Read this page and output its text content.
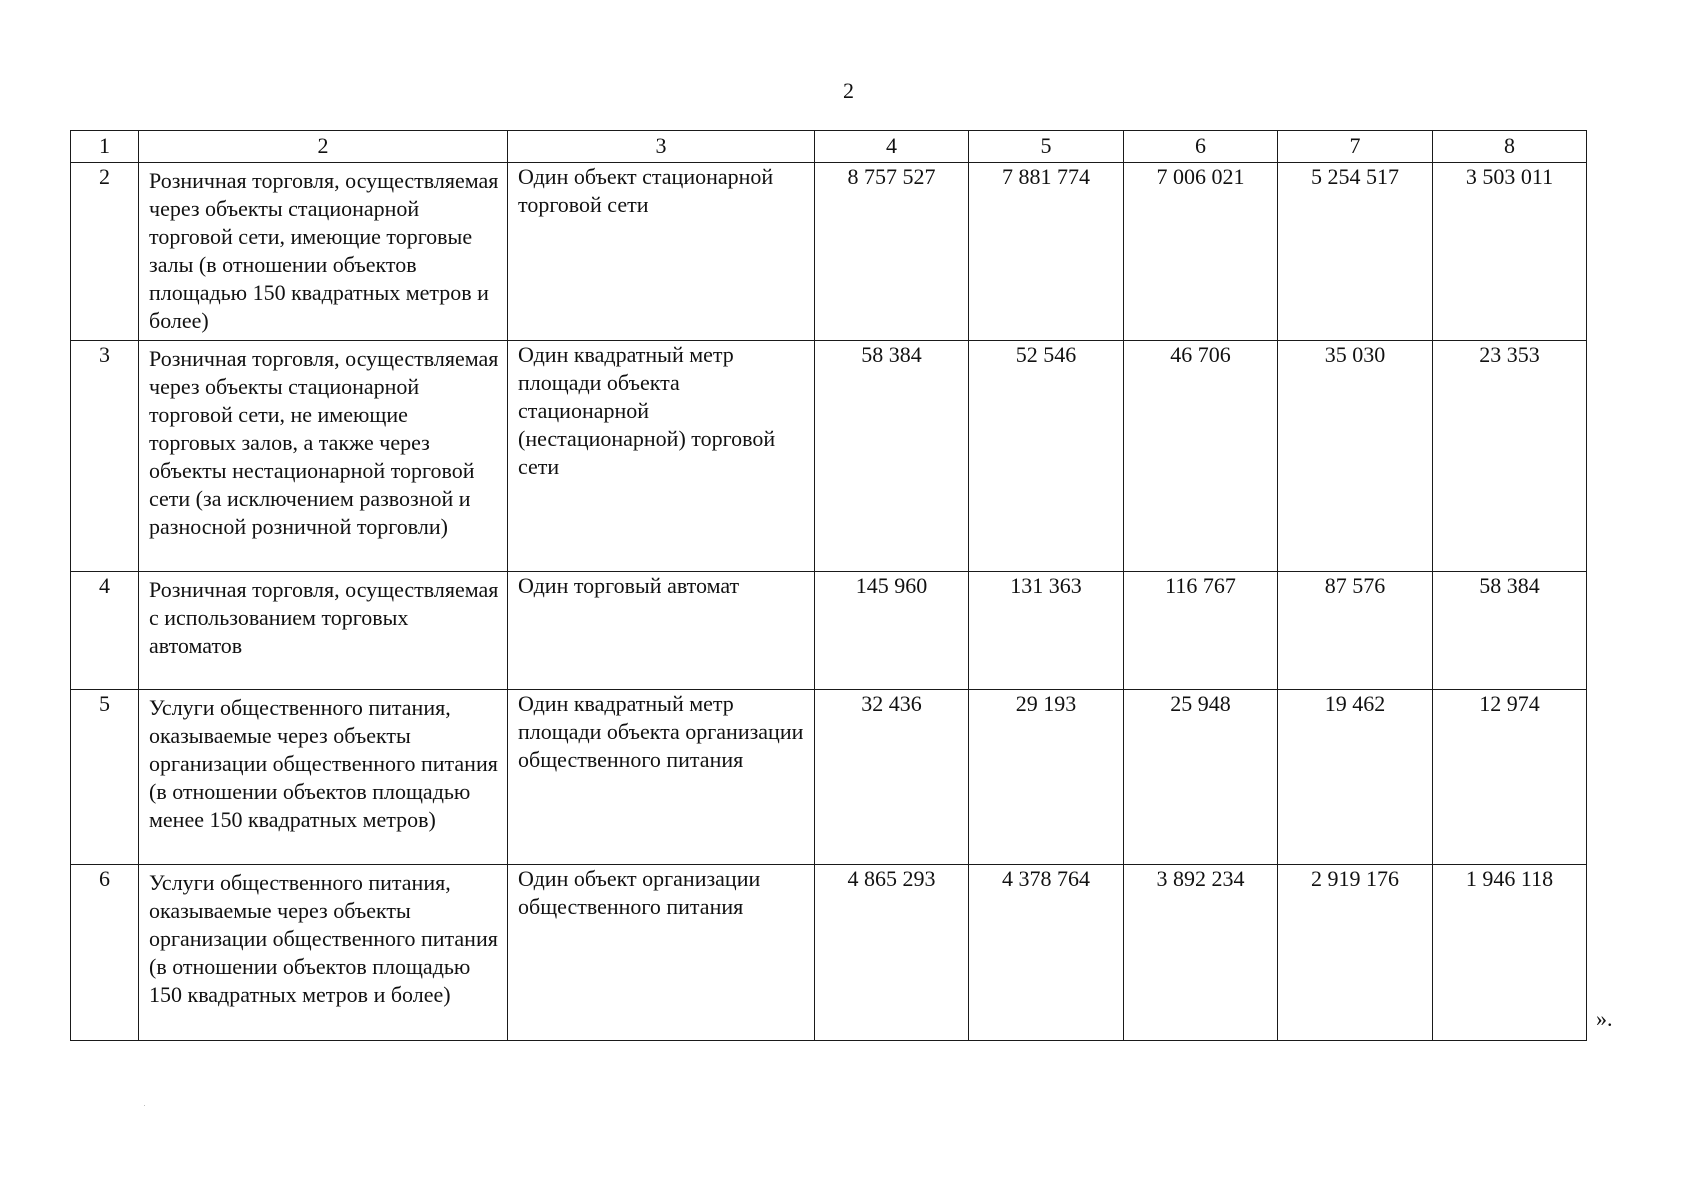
2
1	2	3	4	5	6	7	8
2	Розничная торговля, осуществляемая через объекты стационарной торговой сети, имеющие торговые залы (в отношении объектов площадью 150 квадратных метров и более)	Один объект стационарной торговой сети	8 757 527	7 881 774	7 006 021	5 254 517	3 503 011
3	Розничная торговля, осуществляемая через объекты стационарной торговой сети, не имеющие торговых залов, а также через объекты нестационарной торговой сети (за исключением развозной и разносной розничной торговли)	Один квадратный метр площади объекта стационарной (нестационарной) торговой сети	58 384	52 546	46 706	35 030	23 353
4	Розничная торговля, осуществляемая с использованием торговых автоматов	Один торговый автомат	145 960	131 363	116 767	87 576	58 384
5	Услуги общественного питания, оказываемые через объекты организации общественного питания (в отношении объектов площадью менее 150 квадратных метров)	Один квадратный метр площади объекта организации общественного питания	32 436	29 193	25 948	19 462	12 974
6	Услуги общественного питания, оказываемые через объекты организации общественного питания (в отношении объектов площадью 150 квадратных метров и более)	Один объект организации общественного питания	4 865 293	4 378 764	3 892 234	2 919 176	1 946 118
».
